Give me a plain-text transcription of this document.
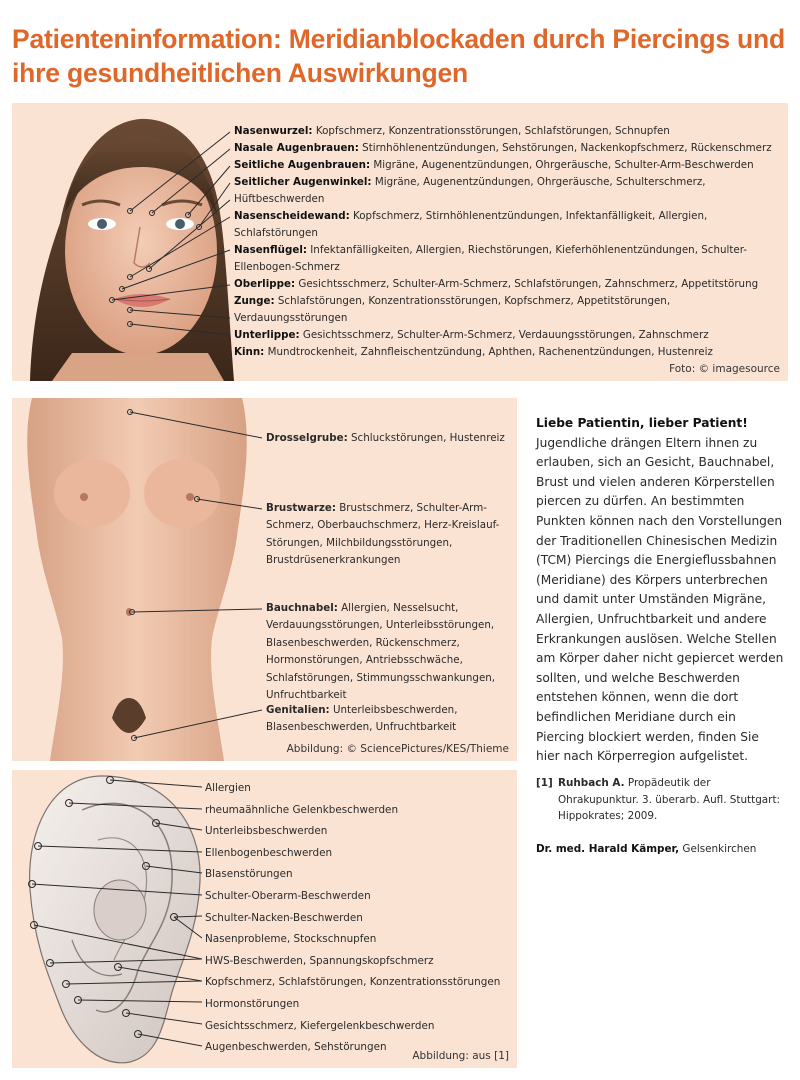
Patienteninformation: Meridianblockaden durch Piercings und ihre gesundheitlichen Auswirkungen

Nasenwurzel: Kopfschmerz, Konzentrationsstörungen, Schlafstörungen, Schnupfen

Nasale Augenbrauen: Stirnhöhlenentzündungen, Sehstörungen, Nackenkopfschmerz, Rückenschmerz

Seitliche Augenbrauen: Migräne, Augenentzündungen, Ohrgeräusche, Schulter-Arm-Beschwerden

Seitlicher Augenwinkel: Migräne, Augenentzündungen, Ohrgeräusche, Schulterschmerz, Hüftbeschwerden

Nasenscheidewand: Kopfschmerz, Stirnhöhlenentzündungen, Infektanfälligkeit, Allergien, Schlafstörungen

Nasenflügel: Infektanfälligkeiten, Allergien, Riechstörungen, Kieferhöhlenentzündungen, Schulter-Ellenbogen-Schmerz

Oberlippe: Gesichtsschmerz, Schulter-Arm-Schmerz, Schlafstörungen, Zahnschmerz, Appetitstörung

Zunge: Schlafstörungen, Konzentrationsstörungen, Kopfschmerz, Appetitstörungen, Verdauungsstörungen

Unterlippe: Gesichtsschmerz, Schulter-Arm-Schmerz, Verdauungsstörungen, Zahnschmerz

Kinn: Mundtrockenheit, Zahnfleischentzündung, Aphthen, Rachenentzündungen, Hustenreiz

Foto: © imagesource
Drosselgrube: Schluckstörungen, Hustenreiz
Brustwarze: Brustschmerz, Schulter-Arm-Schmerz, Oberbauchschmerz, Herz-Kreislauf-Störungen, Milchbildungsstörungen, Brustdrüsenerkrankungen
Bauchnabel: Allergien, Nesselsucht, Verdauungsstörungen, Unterleibsstörungen, Blasenbeschwerden, Rückenschmerz, Hormonstörungen, Antriebsschwäche, Schlafstörungen, Stimmungsschwankungen, Unfruchtbarkeit
Genitalien: Unterleibsbeschwerden, Blasenbeschwerden, Unfruchtbarkeit
Abbildung: © SciencePictures/KES/Thieme
Allergien
rheumaähnliche Gelenkbeschwerden
Unterleibsbeschwerden
Ellenbogenbeschwerden
Blasenstörungen
Schulter-Oberarm-Beschwerden
Schulter-Nacken-Beschwerden
Nasenprobleme, Stockschnupfen
HWS-Beschwerden, Spannungskopfschmerz
Kopfschmerz, Schlafstörungen, Konzentrationsstörungen
Hormonstörungen
Gesichtsschmerz, Kiefergelenkbeschwerden
Augenbeschwerden, Sehstörungen
Abbildung: aus [1]
Liebe Patientin, lieber Patient!
Jugendliche drängen Eltern ihnen zu erlauben, sich an Gesicht, Bauchnabel, Brust und vielen anderen Körperstellen piercen zu dürfen. An bestimmten Punkten können nach den Vorstellungen der Traditionellen Chinesischen Medizin (TCM) Piercings die Energieflussbahnen (Meridiane) des Körpers unterbrechen und damit unter Umständen Migräne, Allergien, Unfruchtbarkeit und andere Erkrankungen auslösen. Welche Stellen am Körper daher nicht gepiercet werden sollten, und welche Beschwerden entstehen können, wenn die dort befindlichen Meridiane durch ein Piercing blockiert werden, finden Sie hier nach Körperregion aufgelistet.
[1] Ruhbach A. Propädeutik der Ohrakupunktur. 3. überarb. Aufl. Stuttgart: Hippokrates; 2009.
Dr. med. Harald Kämper, Gelsenkirchen
